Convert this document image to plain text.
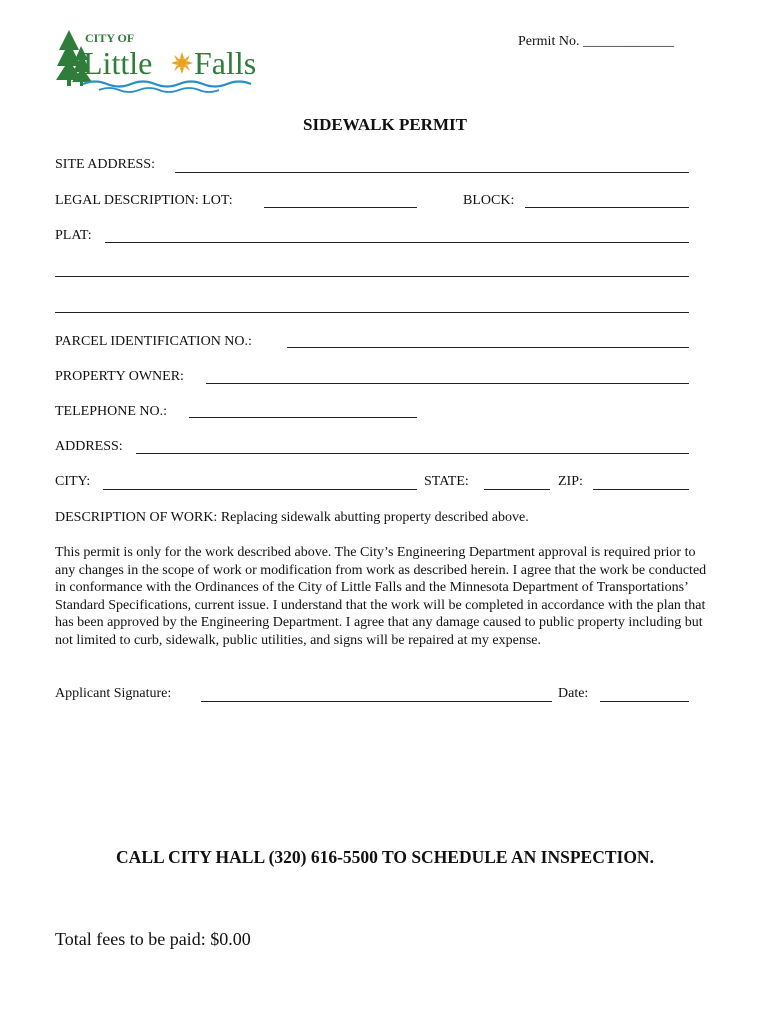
CITY OF
Little Falls
Permit No. _____________
SIDEWALK PERMIT
SITE ADDRESS:
LEGAL DESCRIPTION: LOT:	BLOCK:
PLAT:
PARCEL IDENTIFICATION NO.:
PROPERTY OWNER:
TELEPHONE NO.:
ADDRESS:
CITY:	STATE:	ZIP:
DESCRIPTION OF WORK: Replacing sidewalk abutting property described above.
This permit is only for the work described above. The City’s Engineering Department approval is required prior to any changes in the scope of work or modification from work as described herein. I agree that the work be conducted in conformance with the Ordinances of the City of Little Falls and the Minnesota Department of Transportations’ Standard Specifications, current issue. I understand that the work will be completed in accordance with the plan that has been approved by the Engineering Department. I agree that any damage caused to public property including but not limited to curb, sidewalk, public utilities, and signs will be repaired at my expense.
Applicant Signature:	Date:
CALL CITY HALL (320) 616-5500 TO SCHEDULE AN INSPECTION.
Total fees to be paid: $0.00
